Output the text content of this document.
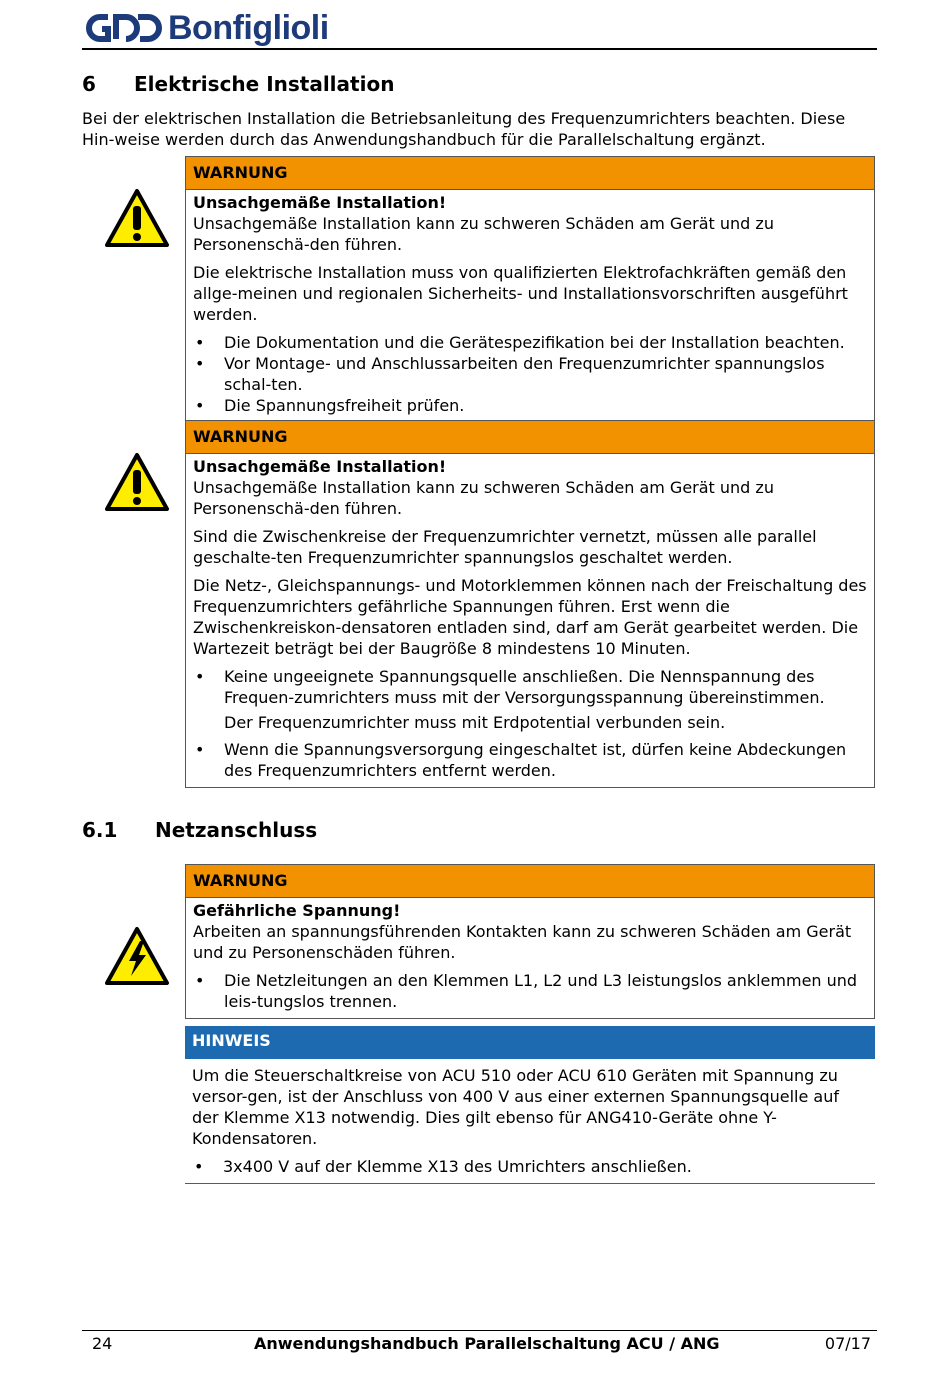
Bonfiglioli
6 Elektrische Installation

Bei der elektrischen Installation die Betriebsanleitung des Frequenzumrichters beachten. Diese Hin-weise werden durch das Anwendungshandbuch für die Parallelschaltung ergänzt.

WARNUNG

Unsachgemäße Installation!

Unsachgemäße Installation kann zu schweren Schäden am Gerät und zu Personenschä-den führen.

Die elektrische Installation muss von qualifizierten Elektrofachkräften gemäß den allge-meinen und regionalen Sicherheits- und Installationsvorschriften ausgeführt werden.

• Die Dokumentation und die Gerätespezifikation bei der Installation beachten.
• Vor Montage- und Anschlussarbeiten den Frequenzumrichter spannungslos schal-ten.
• Die Spannungsfreiheit prüfen.
WARNUNG

Unsachgemäße Installation!

Unsachgemäße Installation kann zu schweren Schäden am Gerät und zu Personenschä-den führen.

Sind die Zwischenkreise der Frequenzumrichter vernetzt, müssen alle parallel geschalte-ten Frequenzumrichter spannungslos geschaltet werden.

Die Netz-, Gleichspannungs- und Motorklemmen können nach der Freischaltung des Frequenzumrichters gefährliche Spannungen führen. Erst wenn die Zwischenkreiskon-densatoren entladen sind, darf am Gerät gearbeitet werden. Die Wartezeit beträgt bei der Baugröße 8 mindestens 10 Minuten.

• Keine ungeeignete Spannungsquelle anschließen. Die Nennspannung des Frequen-zumrichters muss mit der Versorgungsspannung übereinstimmen.
Der Frequenzumrichter muss mit Erdpotential verbunden sein.
• Wenn die Spannungsversorgung eingeschaltet ist, dürfen keine Abdeckungen des Frequenzumrichters entfernt werden.
6.1 Netzanschluss
WARNUNG

Gefährliche Spannung!

Arbeiten an spannungsführenden Kontakten kann zu schweren Schäden am Gerät und zu Personenschäden führen.

• Die Netzleitungen an den Klemmen L1, L2 und L3 leistungslos anklemmen und leis-tungslos trennen.
HINWEIS

Um die Steuerschaltkreise von ACU 510 oder ACU 610 Geräten mit Spannung zu versor-gen, ist der Anschluss von 400 V aus einer externen Spannungsquelle auf der Klemme X13 notwendig. Dies gilt ebenso für ANG410-Geräte ohne Y-Kondensatoren.

• 3x400 V auf der Klemme X13 des Umrichters anschließen.
24	Anwendungshandbuch Parallelschaltung ACU / ANG	07/17
